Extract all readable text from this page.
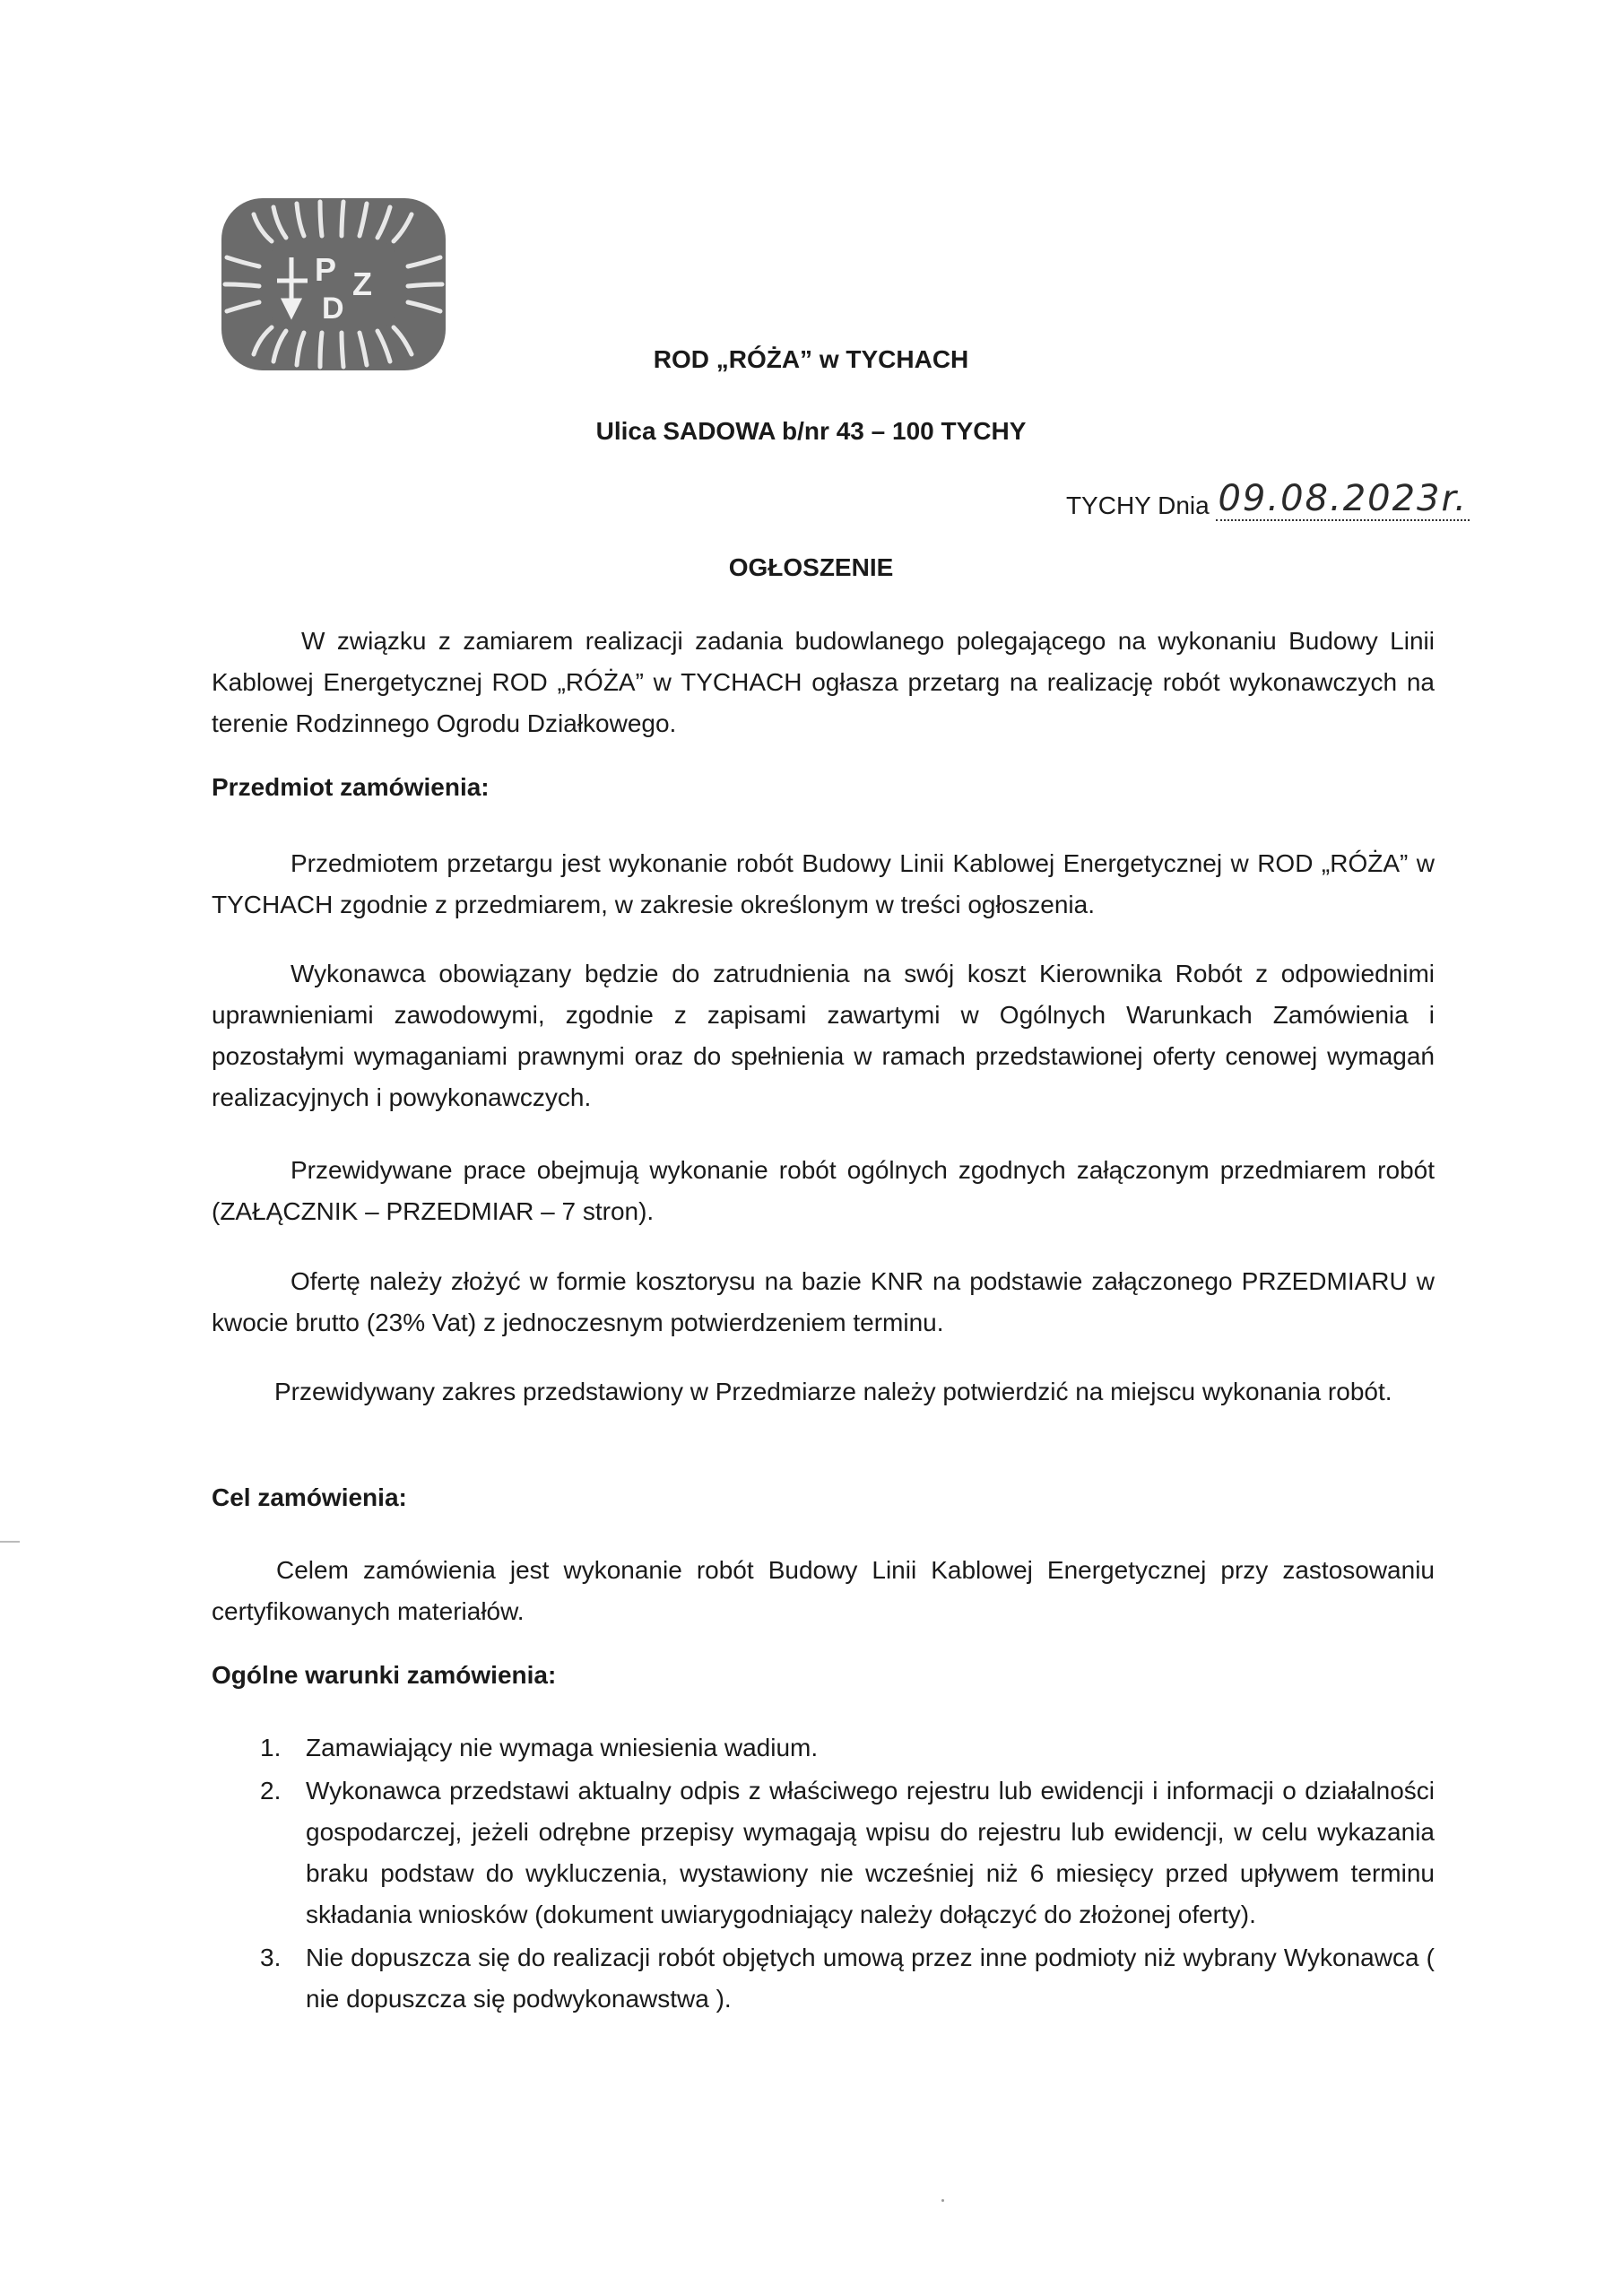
P Z
D
ROD „RÓŻA” w TYCHACH
Ulica SADOWA b/nr 43 – 100 TYCHY
TYCHY Dnia 09.08.2023r.
OGŁOSZENIE

W związku z zamiarem realizacji zadania budowlanego polegającego na wykonaniu Budowy Linii Kablowej Energetycznej ROD „RÓŻA” w TYCHACH ogłasza przetarg na realizację robót wykonawczych na terenie Rodzinnego Ogrodu Działkowego.

Przedmiot zamówienia:

Przedmiotem przetargu jest wykonanie robót Budowy Linii Kablowej Energetycznej w ROD „RÓŻA” w TYCHACH zgodnie z przedmiarem, w zakresie określonym w treści ogłoszenia.

Wykonawca obowiązany będzie do zatrudnienia na swój koszt Kierownika Robót z odpowiednimi uprawnieniami zawodowymi, zgodnie z zapisami zawartymi w Ogólnych Warunkach Zamówienia i pozostałymi wymaganiami prawnymi oraz do spełnienia w ramach przedstawionej oferty cenowej wymagań realizacyjnych i powykonawczych.

Przewidywane prace obejmują wykonanie robót ogólnych zgodnych załączonym przedmiarem robót (ZAŁĄCZNIK – PRZEDMIAR – 7 stron).

Ofertę należy złożyć w formie kosztorysu na bazie KNR na podstawie załączonego PRZEDMIARU w kwocie brutto (23% Vat) z jednoczesnym potwierdzeniem terminu.

Przewidywany zakres przedstawiony w Przedmiarze należy potwierdzić na miejscu wykonania robót.

Cel zamówienia:

Celem zamówienia jest wykonanie robót Budowy Linii Kablowej Energetycznej przy zastosowaniu certyfikowanych materiałów.

Ogólne warunki zamówienia:

1. Zamawiający nie wymaga wniesienia wadium.
2. Wykonawca przedstawi aktualny odpis z właściwego rejestru lub ewidencji i informacji o działalności gospodarczej, jeżeli odrębne przepisy wymagają wpisu do rejestru lub ewidencji, w celu wykazania braku podstaw do wykluczenia, wystawiony nie wcześniej niż 6 miesięcy przed upływem terminu składania wniosków (dokument uwiarygodniający należy dołączyć do złożonej oferty).
3. Nie dopuszcza się do realizacji robót objętych umową przez inne podmioty niż wybrany Wykonawca ( nie dopuszcza się podwykonawstwa ).
